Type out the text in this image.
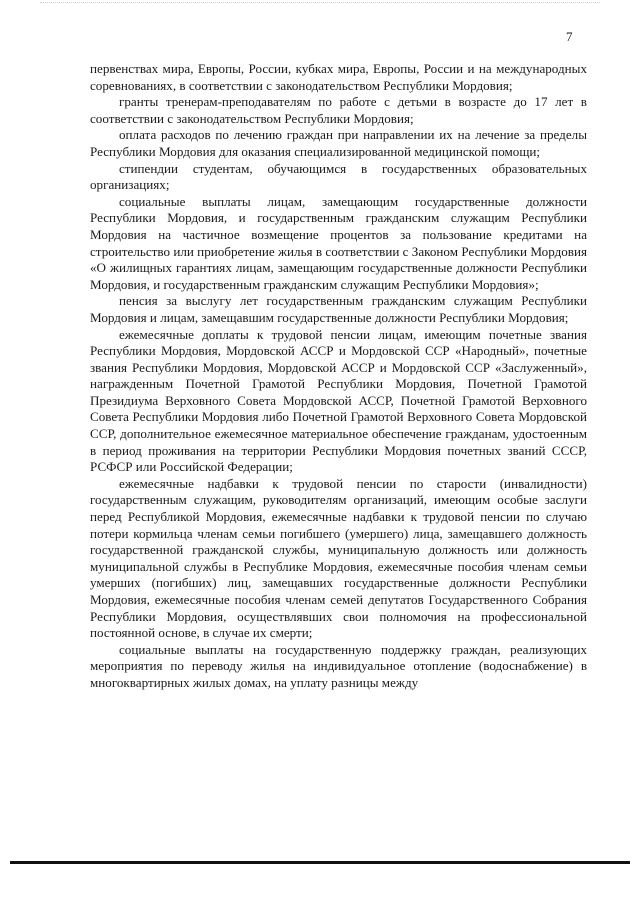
7

первенствах мира, Европы, России, кубках мира, Европы, России и на международных соревнованиях, в соответствии с законодательством Республики Мордовия;

гранты тренерам-преподавателям по работе с детьми в возрасте до 17 лет в соответствии с законодательством Республики Мордовия;

оплата расходов по лечению граждан при направлении их на лечение за пределы Республики Мордовия для оказания специализированной медицинской помощи;

стипендии студентам, обучающимся в государственных образовательных организациях;

социальные выплаты лицам, замещающим государственные должности Республики Мордовия, и государственным гражданским служащим Республики Мордовия на частичное возмещение процентов за пользование кредитами на строительство или приобретение жилья в соответствии с Законом Республики Мордовия «О жилищных гарантиях лицам, замещающим государственные должности Республики Мордовия, и государственным гражданским служащим Республики Мордовия»;

пенсия за выслугу лет государственным гражданским служащим Республики Мордовия и лицам, замещавшим государственные должности Республики Мордовия;

ежемесячные доплаты к трудовой пенсии лицам, имеющим почетные звания Республики Мордовия, Мордовской АССР и Мордовской ССР «Народный», почетные звания Республики Мордовия, Мордовской АССР и Мордовской ССР «Заслуженный», награжденным Почетной Грамотой Республики Мордовия, Почетной Грамотой Президиума Верховного Совета Мордовской АССР, Почетной Грамотой Верховного Совета Республики Мордовия либо Почетной Грамотой Верховного Совета Мордовской ССР, дополнительное ежемесячное материальное обеспечение гражданам, удостоенным в период проживания на территории Республики Мордовия почетных званий СССР, РСФСР или Российской Федерации;

ежемесячные надбавки к трудовой пенсии по старости (инвалидности) государственным служащим, руководителям организаций, имеющим особые заслуги перед Республикой Мордовия, ежемесячные надбавки к трудовой пенсии по случаю потери кормильца членам семьи погибшего (умершего) лица, замещавшего должность государственной гражданской службы, муниципальную должность или должность муниципальной службы в Республике Мордовия, ежемесячные пособия членам семьи умерших (погибших) лиц, замещавших государственные должности Республики Мордовия, ежемесячные пособия членам семей депутатов Государственного Собрания Республики Мордовия, осуществлявших свои полномочия на профессиональной постоянной основе, в случае их смерти;

социальные выплаты на государственную поддержку граждан, реализующих мероприятия по переводу жилья на индивидуальное отопление (водоснабжение) в многоквартирных жилых домах, на уплату разницы между
